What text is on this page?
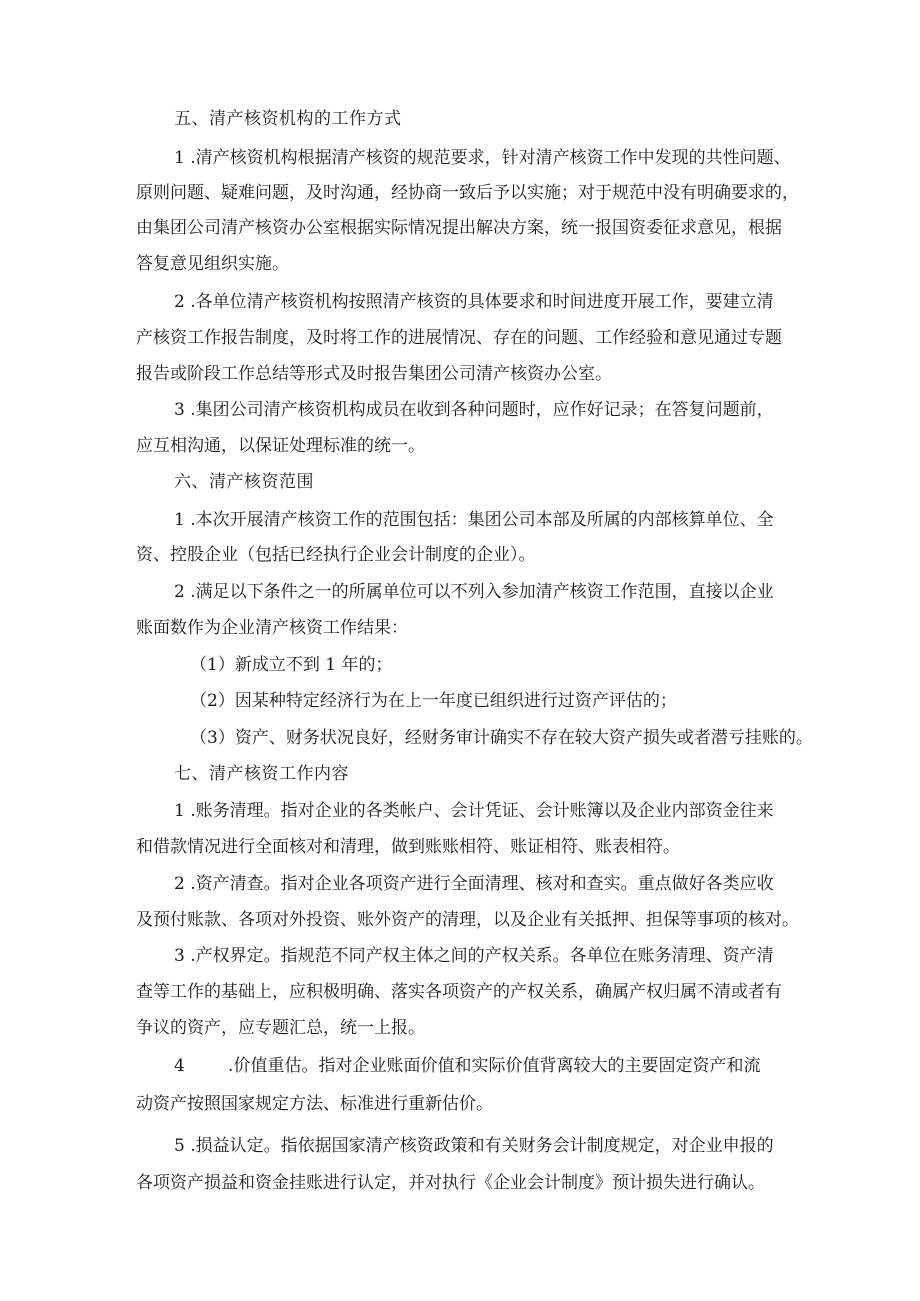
五、清产核资机构的工作方式
1 .清产核资机构根据清产核资的规范要求，针对清产核资工作中发现的共性问题、
原则问题、疑难问题，及时沟通，经协商一致后予以实施；对于规范中没有明确要求的，
由集团公司清产核资办公室根据实际情况提出解决方案，统一报国资委征求意见，根据
答复意见组织实施。
2 .各单位清产核资机构按照清产核资的具体要求和时间进度开展工作，要建立清
产核资工作报告制度，及时将工作的进展情况、存在的问题、工作经验和意见通过专题
报告或阶段工作总结等形式及时报告集团公司清产核资办公室。
3 .集团公司清产核资机构成员在收到各种问题时，应作好记录；在答复问题前，
应互相沟通，以保证处理标准的统一。
六、清产核资范围
1 .本次开展清产核资工作的范围包括：集团公司本部及所属的内部核算单位、全
资、控股企业（包括已经执行企业会计制度的企业）。
2 .满足以下条件之一的所属单位可以不列入参加清产核资工作范围，直接以企业
账面数作为企业清产核资工作结果：
（1）新成立不到 1 年的；
（2）因某种特定经济行为在上一年度已组织进行过资产评估的；
（3）资产、财务状况良好，经财务审计确实不存在较大资产损失或者潜亏挂账的。
七、清产核资工作内容
1 .账务清理。指对企业的各类帐户、会计凭证、会计账簿以及企业内部资金往来
和借款情况进行全面核对和清理，做到账账相符、账证相符、账表相符。
2 .资产清查。指对企业各项资产进行全面清理、核对和查实。重点做好各类应收
及预付账款、各项对外投资、账外资产的清理，以及企业有关抵押、担保等事项的核对。
3 .产权界定。指规范不同产权主体之间的产权关系。各单位在账务清理、资产清
查等工作的基础上，应积极明确、落实各项资产的产权关系，确属产权归属不清或者有
争议的资产，应专题汇总，统一上报。
4        .价值重估。指对企业账面价值和实际价值背离较大的主要固定资产和流
动资产按照国家规定方法、标准进行重新估价。
5 .损益认定。指依据国家清产核资政策和有关财务会计制度规定，对企业申报的
各项资产损益和资金挂账进行认定，并对执行《企业会计制度》预计损失进行确认。
